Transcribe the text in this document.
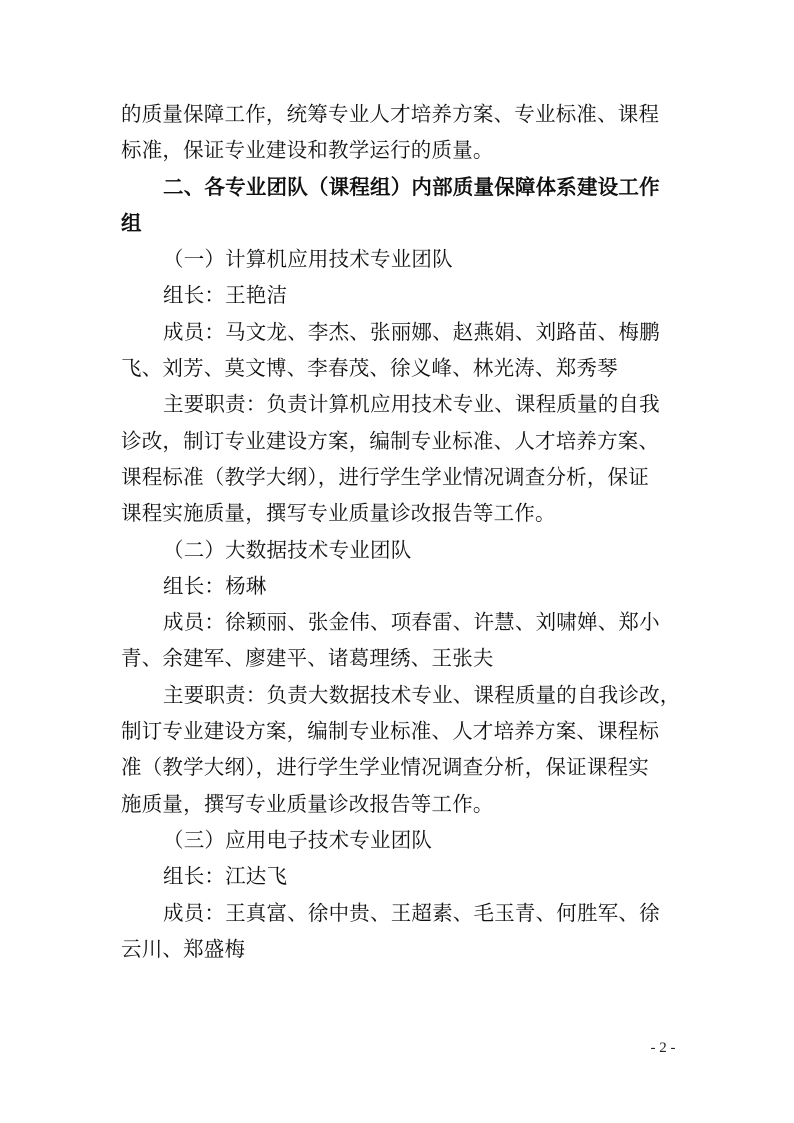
的质量保障工作，统筹专业人才培养方案、专业标准、课程
标准，保证专业建设和教学运行的质量。
二、各专业团队（课程组）内部质量保障体系建设工作
组
（一）计算机应用技术专业团队
组长：王艳洁
成员：马文龙、李杰、张丽娜、赵燕娟、刘路苗、梅鹏
飞、刘芳、莫文博、李春茂、徐义峰、林光涛、郑秀琴
主要职责：负责计算机应用技术专业、课程质量的自我
诊改，制订专业建设方案，编制专业标准、人才培养方案、
课程标准（教学大纲），进行学生学业情况调查分析，保证
课程实施质量，撰写专业质量诊改报告等工作。
（二）大数据技术专业团队
组长：杨琳
成员：徐颖丽、张金伟、项春雷、许慧、刘啸婵、郑小
青、余建军、廖建平、诸葛理绣、王张夫
主要职责：负责大数据技术专业、课程质量的自我诊改，
制订专业建设方案，编制专业标准、人才培养方案、课程标
准（教学大纲），进行学生学业情况调查分析，保证课程实
施质量，撰写专业质量诊改报告等工作。
（三）应用电子技术专业团队
组长：江达飞
成员：王真富、徐中贵、王超素、毛玉青、何胜军、徐
云川、郑盛梅
- 2 -
